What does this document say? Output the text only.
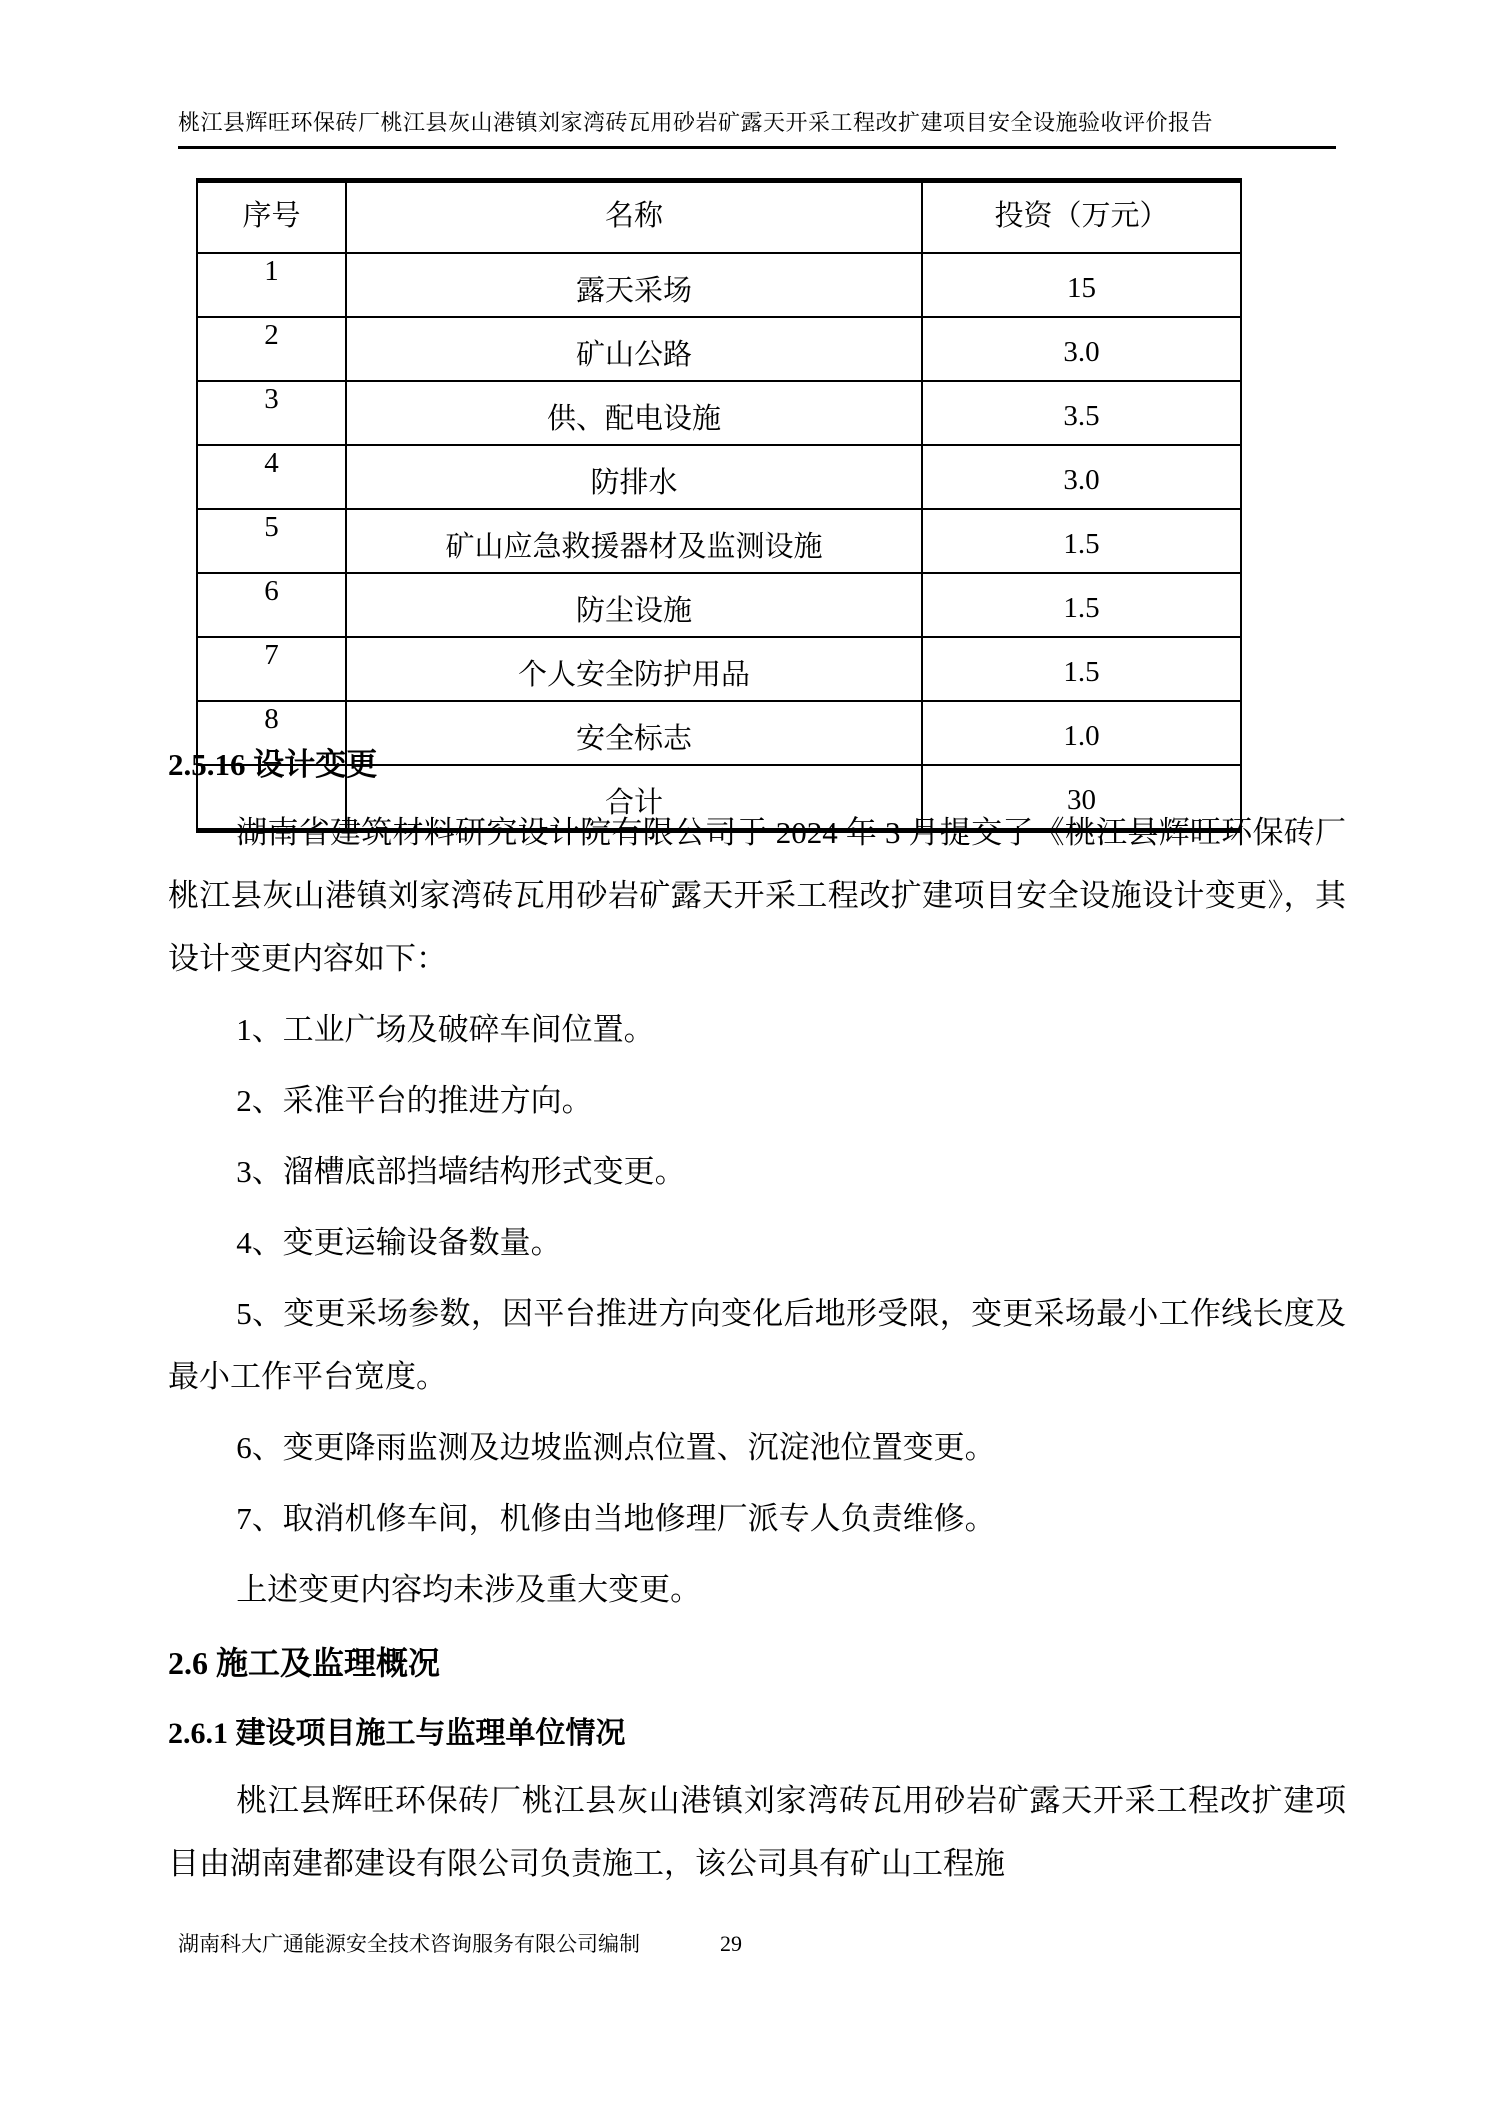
桃江县辉旺环保砖厂桃江县灰山港镇刘家湾砖瓦用砂岩矿露天开采工程改扩建项目安全设施验收评价报告
序号	名称	投资（万元）
1	露天采场	15
2	矿山公路	3.0
3	供、配电设施	3.5
4	防排水	3.0
5	矿山应急救援器材及监测设施	1.5
6	防尘设施	1.5
7	个人安全防护用品	1.5
8	安全标志	1.0
	合计	30
2.5.16 设计变更

湖南省建筑材料研究设计院有限公司于 2024 年 3 月提交了《桃江县辉旺环保砖厂桃江县灰山港镇刘家湾砖瓦用砂岩矿露天开采工程改扩建项目安全设施设计变更》，其设计变更内容如下：

1、工业广场及破碎车间位置。
2、采准平台的推进方向。
3、溜槽底部挡墙结构形式变更。
4、变更运输设备数量。
5、变更采场参数，因平台推进方向变化后地形受限，变更采场最小工作线长度及最小工作平台宽度。
6、变更降雨监测及边坡监测点位置、沉淀池位置变更。
7、取消机修车间，机修由当地修理厂派专人负责维修。

上述变更内容均未涉及重大变更。

2.6 施工及监理概况
2.6.1 建设项目施工与监理单位情况

桃江县辉旺环保砖厂桃江县灰山港镇刘家湾砖瓦用砂岩矿露天开采工程改扩建项目由湖南建都建设有限公司负责施工，该公司具有矿山工程施

湖南科大广通能源安全技术咨询服务有限公司编制	29
